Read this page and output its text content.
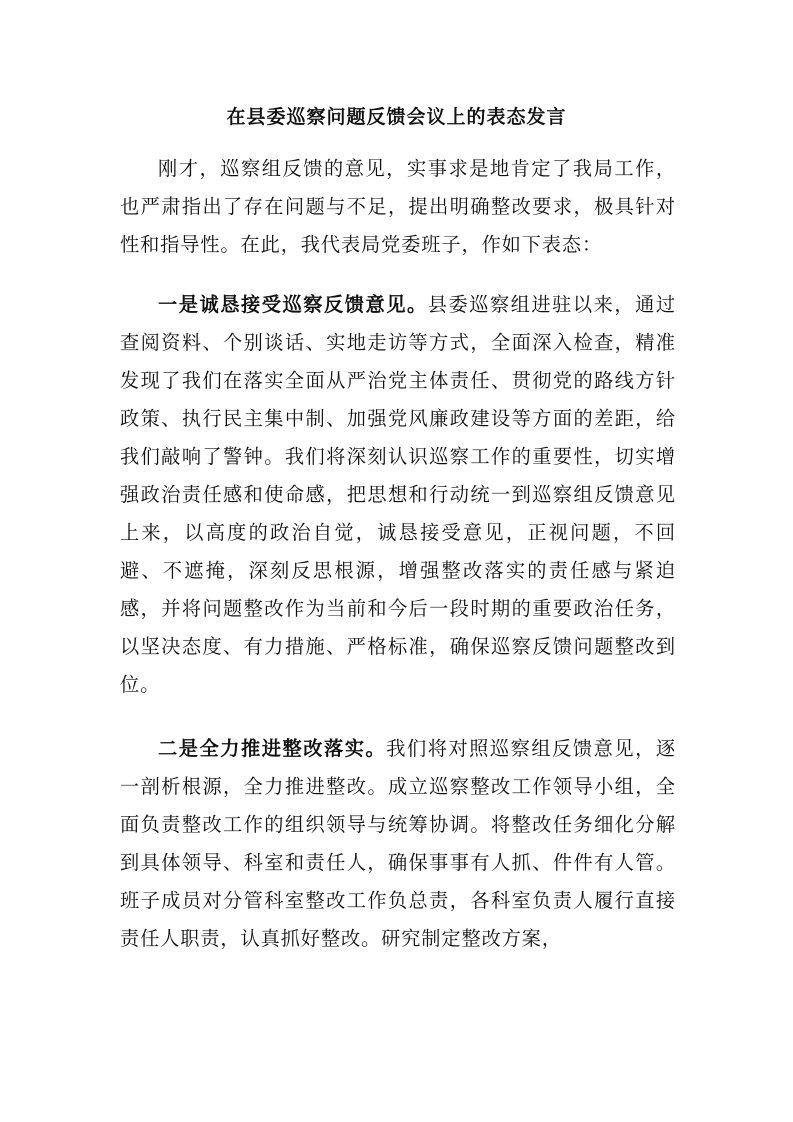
在县委巡察问题反馈会议上的表态发言

刚才，巡察组反馈的意见，实事求是地肯定了我局工作，也严肃指出了存在问题与不足，提出明确整改要求，极具针对性和指导性。在此，我代表局党委班子，作如下表态：

一是诚恳接受巡察反馈意见。县委巡察组进驻以来，通过查阅资料、个别谈话、实地走访等方式，全面深入检查，精准发现了我们在落实全面从严治党主体责任、贯彻党的路线方针政策、执行民主集中制、加强党风廉政建设等方面的差距，给我们敲响了警钟。我们将深刻认识巡察工作的重要性，切实增强政治责任感和使命感，把思想和行动统一到巡察组反馈意见上来，以高度的政治自觉，诚恳接受意见，正视问题，不回避、不遮掩，深刻反思根源，增强整改落实的责任感与紧迫感，并将问题整改作为当前和今后一段时期的重要政治任务，以坚决态度、有力措施、严格标准，确保巡察反馈问题整改到位。

二是全力推进整改落实。我们将对照巡察组反馈意见，逐一剖析根源，全力推进整改。成立巡察整改工作领导小组，全面负责整改工作的组织领导与统筹协调。将整改任务细化分解到具体领导、科室和责任人，确保事事有人抓、件件有人管。班子成员对分管科室整改工作负总责，各科室负责人履行直接责任人职责，认真抓好整改。研究制定整改方案，
